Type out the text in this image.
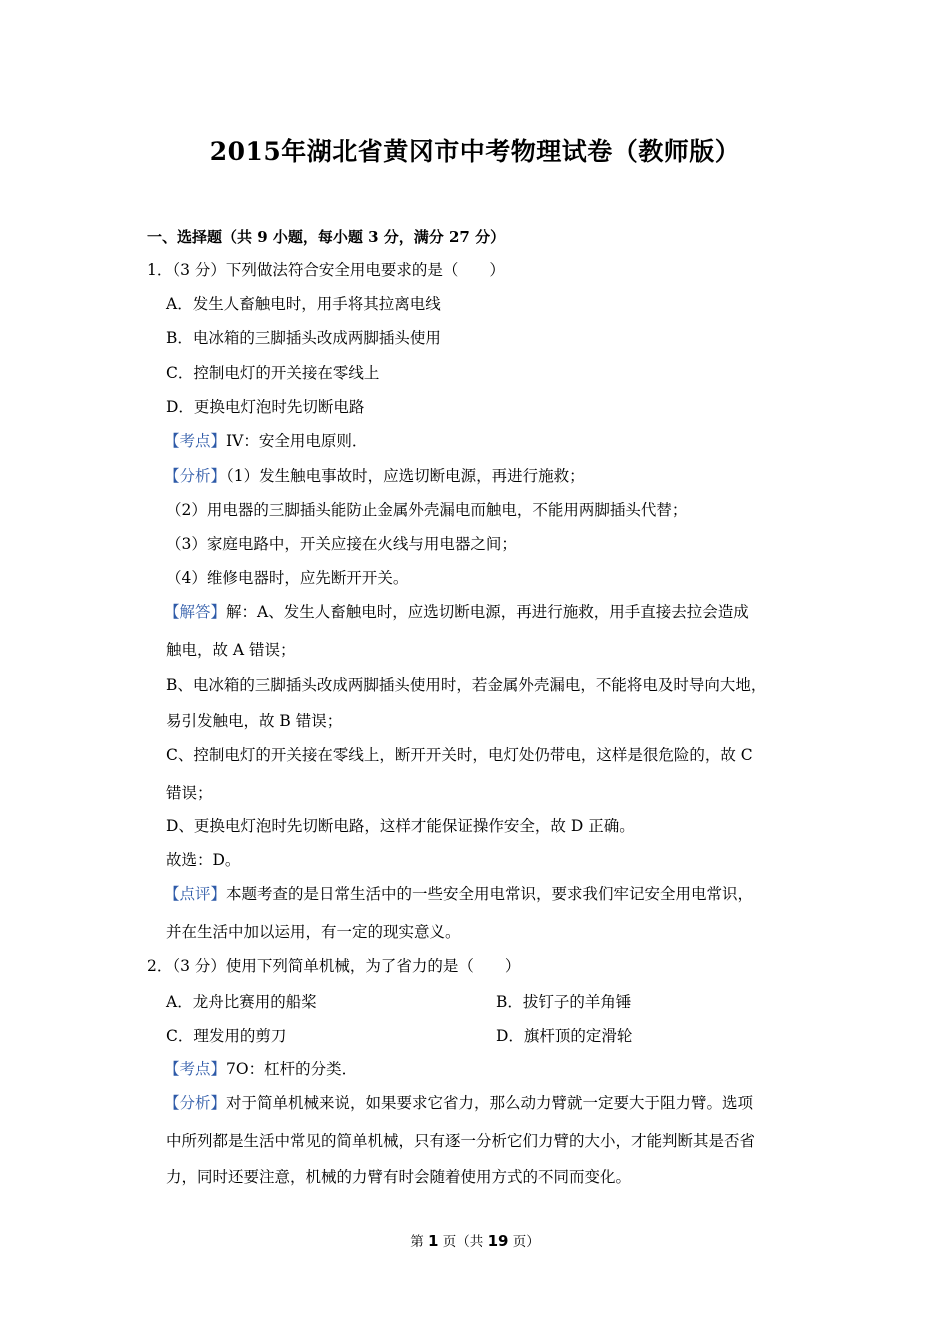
2015年湖北省黄冈市中考物理试卷（教师版）
一、选择题（共 9 小题，每小题 3 分，满分 27 分）
1．（3 分）下列做法符合安全用电要求的是（　　）
A．发生人畜触电时，用手将其拉离电线
B．电冰箱的三脚插头改成两脚插头使用
C．控制电灯的开关接在零线上
D．更换电灯泡时先切断电路
【考点】IV：安全用电原则．
【分析】（1）发生触电事故时，应选切断电源，再进行施救；
（2）用电器的三脚插头能防止金属外壳漏电而触电，不能用两脚插头代替；
（3）家庭电路中，开关应接在火线与用电器之间；
（4）维修电器时，应先断开开关。
【解答】解：A、发生人畜触电时，应选切断电源，再进行施救，用手直接去拉会造成
触电，故 A 错误；
B、电冰箱的三脚插头改成两脚插头使用时，若金属外壳漏电，不能将电及时导向大地，
易引发触电，故 B 错误；
C、控制电灯的开关接在零线上，断开开关时，电灯处仍带电，这样是很危险的，故 C
错误；
D、更换电灯泡时先切断电路，这样才能保证操作安全，故 D 正确。
故选：D。
【点评】本题考查的是日常生活中的一些安全用电常识，要求我们牢记安全用电常识，
并在生活中加以运用，有一定的现实意义。
2．（3 分）使用下列简单机械，为了省力的是（　　）
A．龙舟比赛用的船桨	B．拔钉子的羊角锤
C．理发用的剪刀	D．旗杆顶的定滑轮
【考点】7O：杠杆的分类．
【分析】对于简单机械来说，如果要求它省力，那么动力臂就一定要大于阻力臂。选项
中所列都是生活中常见的简单机械，只有逐一分析它们力臂的大小，才能判断其是否省
力，同时还要注意，机械的力臂有时会随着使用方式的不同而变化。
第 1 页（共 19 页）
